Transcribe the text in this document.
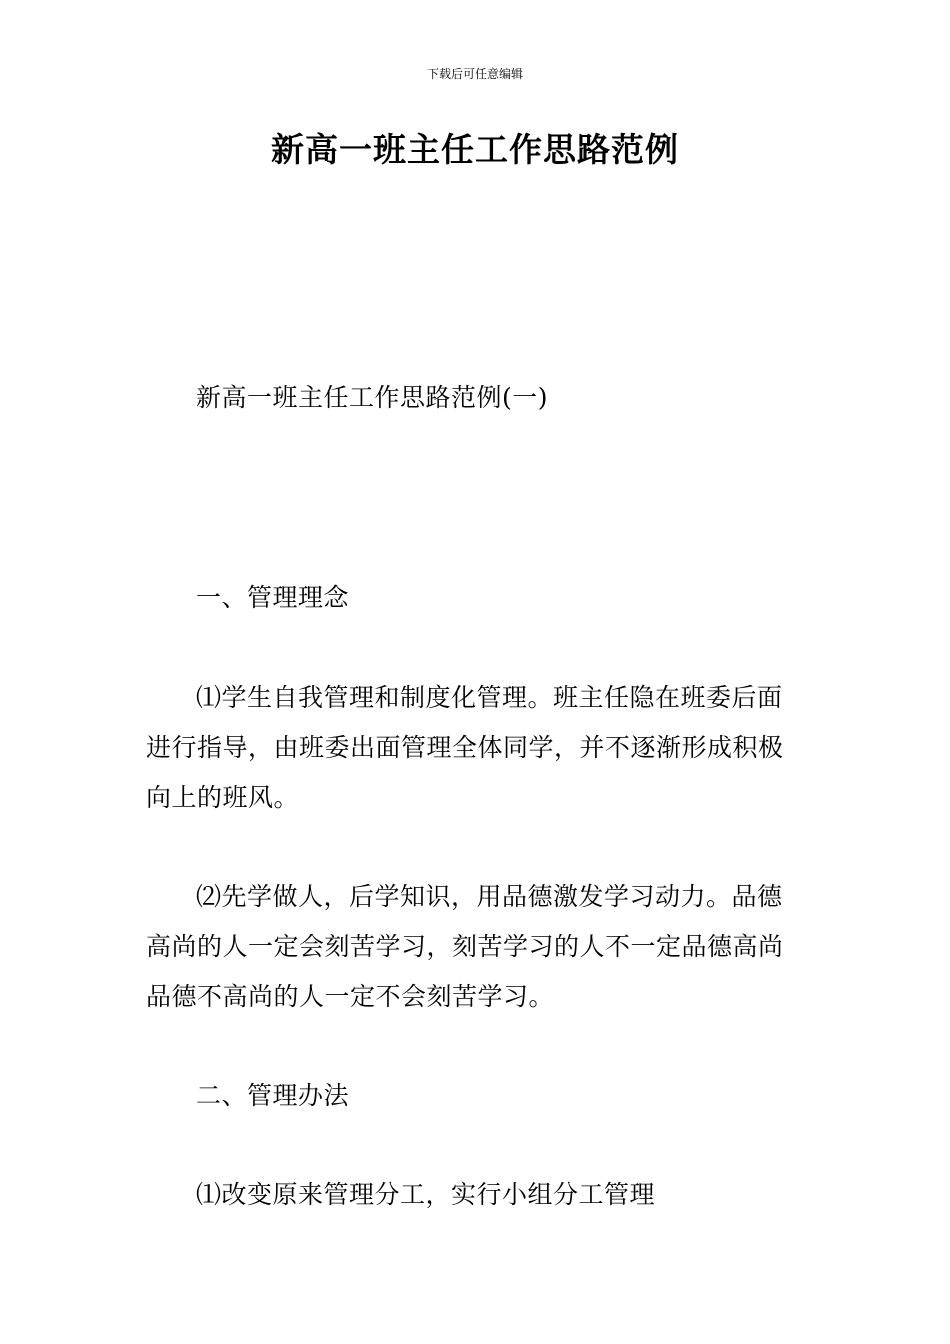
下载后可任意编辑
新高一班主任工作思路范例
新高一班主任工作思路范例(一)
一、管理理念
⑴学生自我管理和制度化管理。班主任隐在班委后面
进行指导，由班委出面管理全体同学，并不逐渐形成积极
向上的班风。
⑵先学做人，后学知识，用品德激发学习动力。品德
高尚的人一定会刻苦学习，刻苦学习的人不一定品德高尚
品德不高尚的人一定不会刻苦学习。
二、管理办法
⑴改变原来管理分工，实行小组分工管理
